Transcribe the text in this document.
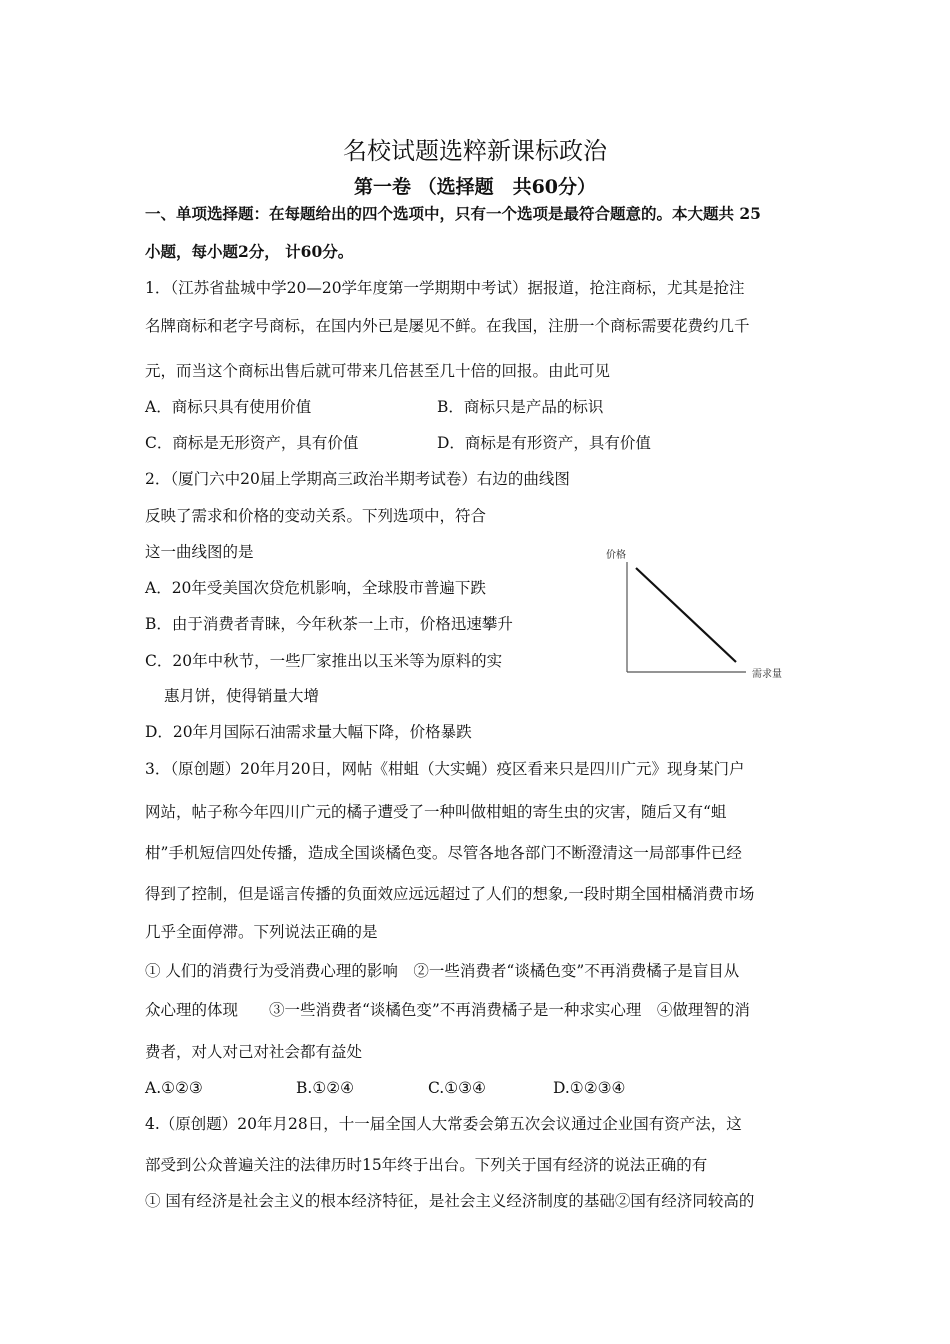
名校试题选粹新课标政治
第一卷 （选择题　共60分）
一、单项选择题：在每题给出的四个选项中，只有一个选项是最符合题意的。本大题共 25
小题，每小题2分， 计60分。
1．（江苏省盐城中学20—20学年度第一学期期中考试）据报道，抢注商标，尤其是抢注
名牌商标和老字号商标，在国内外已是屡见不鲜。在我国，注册一个商标需要花费约几千
元，而当这个商标出售后就可带来几倍甚至几十倍的回报。由此可见
A．商标只具有使用价值	B．商标只是产品的标识
C．商标是无形资产，具有价值	D．商标是有形资产，具有价值
2．（厦门六中20届上学期高三政治半期考试卷）右边的曲线图
反映了需求和价格的变动关系。下列选项中，符合
这一曲线图的是
A．20年受美国次贷危机影响，全球股市普遍下跌
B．由于消费者青睐，今年秋茶一上市，价格迅速攀升
C．20年中秋节，一些厂家推出以玉米等为原料的实
惠月饼，使得销量大增
D．20年月国际石油需求量大幅下降，价格暴跌
价格
需求量
3．（原创题）20年月20日，网帖《柑蛆（大实蝇）疫区看来只是四川广元》现身某门户
网站，帖子称今年四川广元的橘子遭受了一种叫做柑蛆的寄生虫的灾害，随后又有“蛆
柑”手机短信四处传播，造成全国谈橘色变。尽管各地各部门不断澄清这一局部事件已经
得到了控制，但是谣言传播的负面效应远远超过了人们的想象,一段时期全国柑橘消费市场
几乎全面停滞。下列说法正确的是
① 人们的消费行为受消费心理的影响　②一些消费者“谈橘色变”不再消费橘子是盲目从
众心理的体现　　③一些消费者“谈橘色变”不再消费橘子是一种求实心理　④做理智的消
费者，对人对己对社会都有益处
A.①②③	B.①②④	C.①③④	D.①②③④
4.（原创题）20年月28日，十一届全国人大常委会第五次会议通过企业国有资产法，这
部受到公众普遍关注的法律历时15年终于出台。下列关于国有经济的说法正确的有
① 国有经济是社会主义的根本经济特征，是社会主义经济制度的基础②国有经济同较高的
